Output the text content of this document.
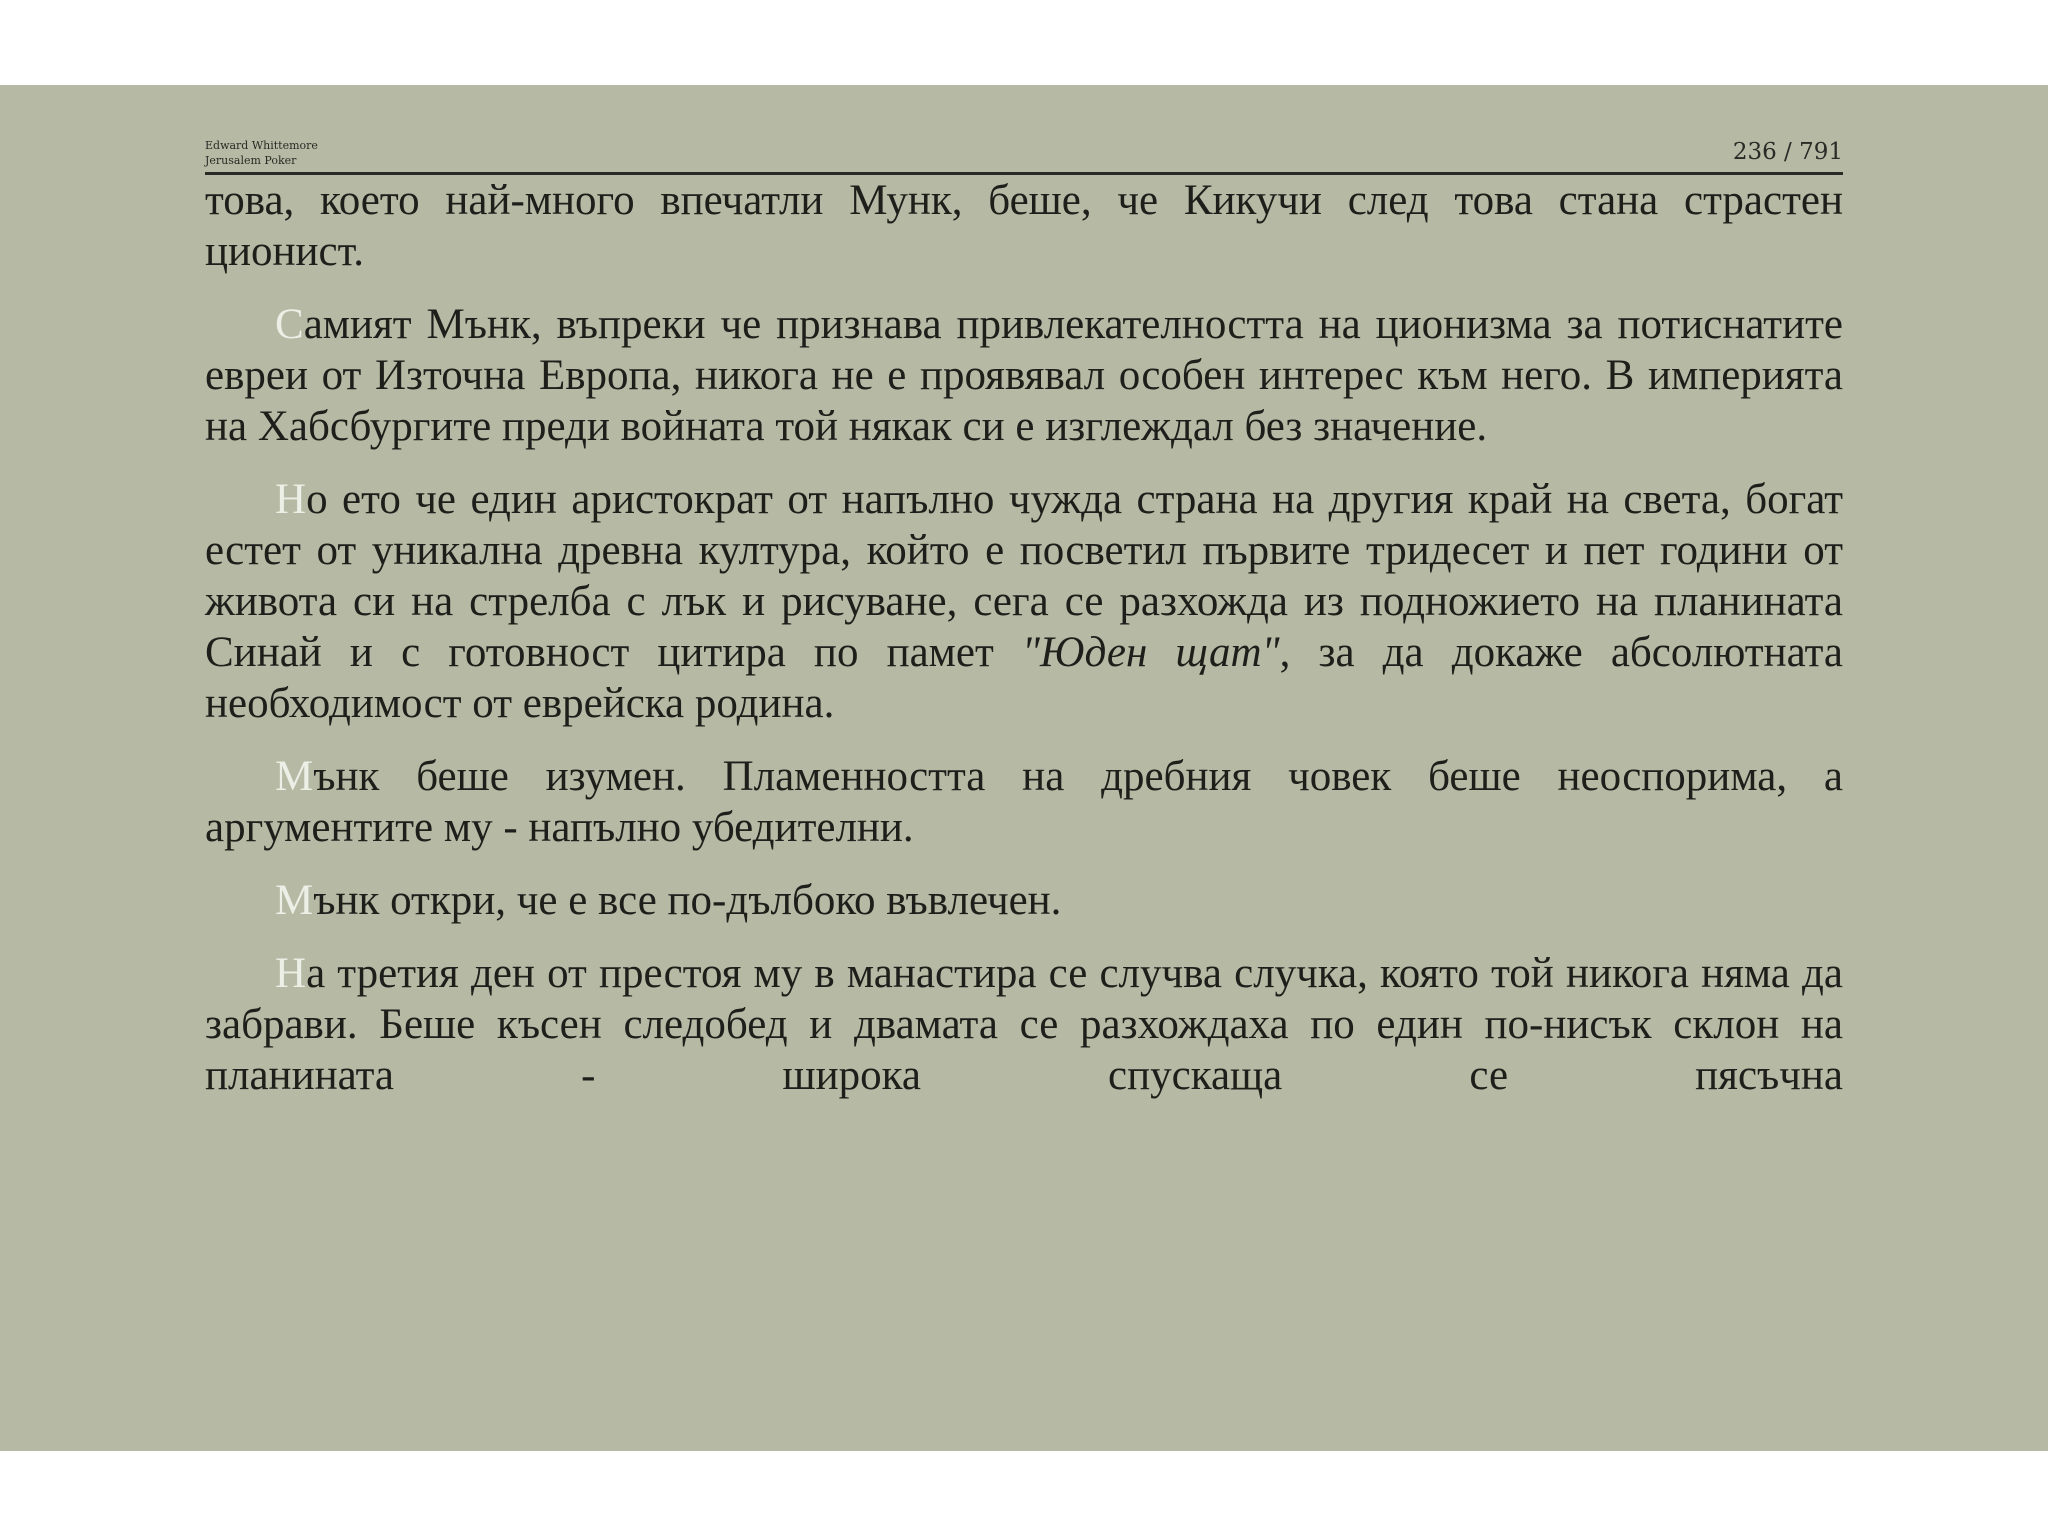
Edward Whittemore
Jerusalem Poker	236 / 791

това, което най-много впечатли Мунк, беше, че Кикучи след това стана страстен ционист.

Самият Мънк, въпреки че признава привлекателността на ционизма за потиснатите евреи от Източна Европа, никога не е проявявал особен интерес към него. В империята на Хабсбургите преди войната той някак си е изглеждал без значение.

Но ето че един аристократ от напълно чужда страна на другия край на света, богат естет от уникална древна култура, който е посветил първите тридесет и пет години от живота си на стрелба с лък и рисуване, сега се разхожда из подножието на планината Синай и с готовност цитира по памет "Юден щат", за да докаже абсолютната необходимост от еврейска родина.

Мънк беше изумен. Пламенността на дребния човек беше неоспорима, а аргументите му - напълно убедителни.

Мънк откри, че е все по-дълбоко въвлечен.

На третия ден от престоя му в манастира се случва случка, която той никога няма да забрави. Беше късен следобед и двамата се разхождаха по един по-нисък склон на планината - широка спускаща се пясъчна
